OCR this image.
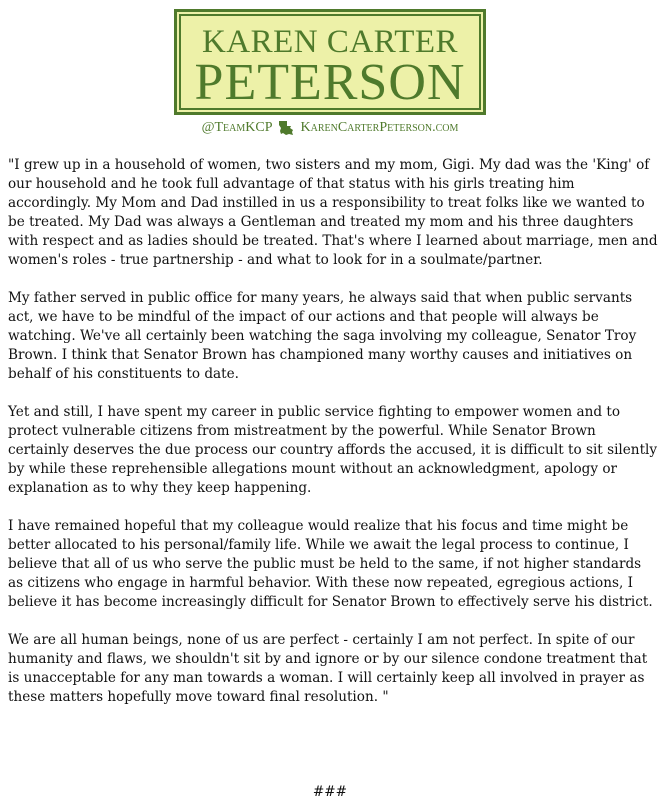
KAREN CARTER
PETERSON
@TeamKCP KarenCarterPeterson.com

"I grew up in a household of women, two sisters and my mom, Gigi. My dad was the 'King' of our household and he took full advantage of that status with his girls treating him accordingly. My Mom and Dad instilled in us a responsibility to treat folks like we wanted to be treated. My Dad was always a Gentleman and treated my mom and his three daughters with respect and as ladies should be treated. That's where I learned about marriage, men and women's roles - true partnership - and what to look for in a soulmate/partner.

My father served in public office for many years, he always said that when public servants act, we have to be mindful of the impact of our actions and that people will always be watching. We've all certainly been watching the saga involving my colleague, Senator Troy Brown. I think that Senator Brown has championed many worthy causes and initiatives on behalf of his constituents to date.

Yet and still, I have spent my career in public service fighting to empower women and to protect vulnerable citizens from mistreatment by the powerful. While Senator Brown certainly deserves the due process our country affords the accused, it is difficult to sit silently by while these reprehensible allegations mount without an acknowledgment, apology or explanation as to why they keep happening.

I have remained hopeful that my colleague would realize that his focus and time might be better allocated to his personal/family life. While we await the legal process to continue, I believe that all of us who serve the public must be held to the same, if not higher standards as citizens who engage in harmful behavior. With these now repeated, egregious actions, I believe it has become increasingly difficult for Senator Brown to effectively serve his district.

We are all human beings, none of us are perfect - certainly I am not perfect. In spite of our humanity and flaws, we shouldn't sit by and ignore or by our silence condone treatment that is unacceptable for any man towards a woman. I will certainly keep all involved in prayer as these matters hopefully move toward final resolution. "

###
